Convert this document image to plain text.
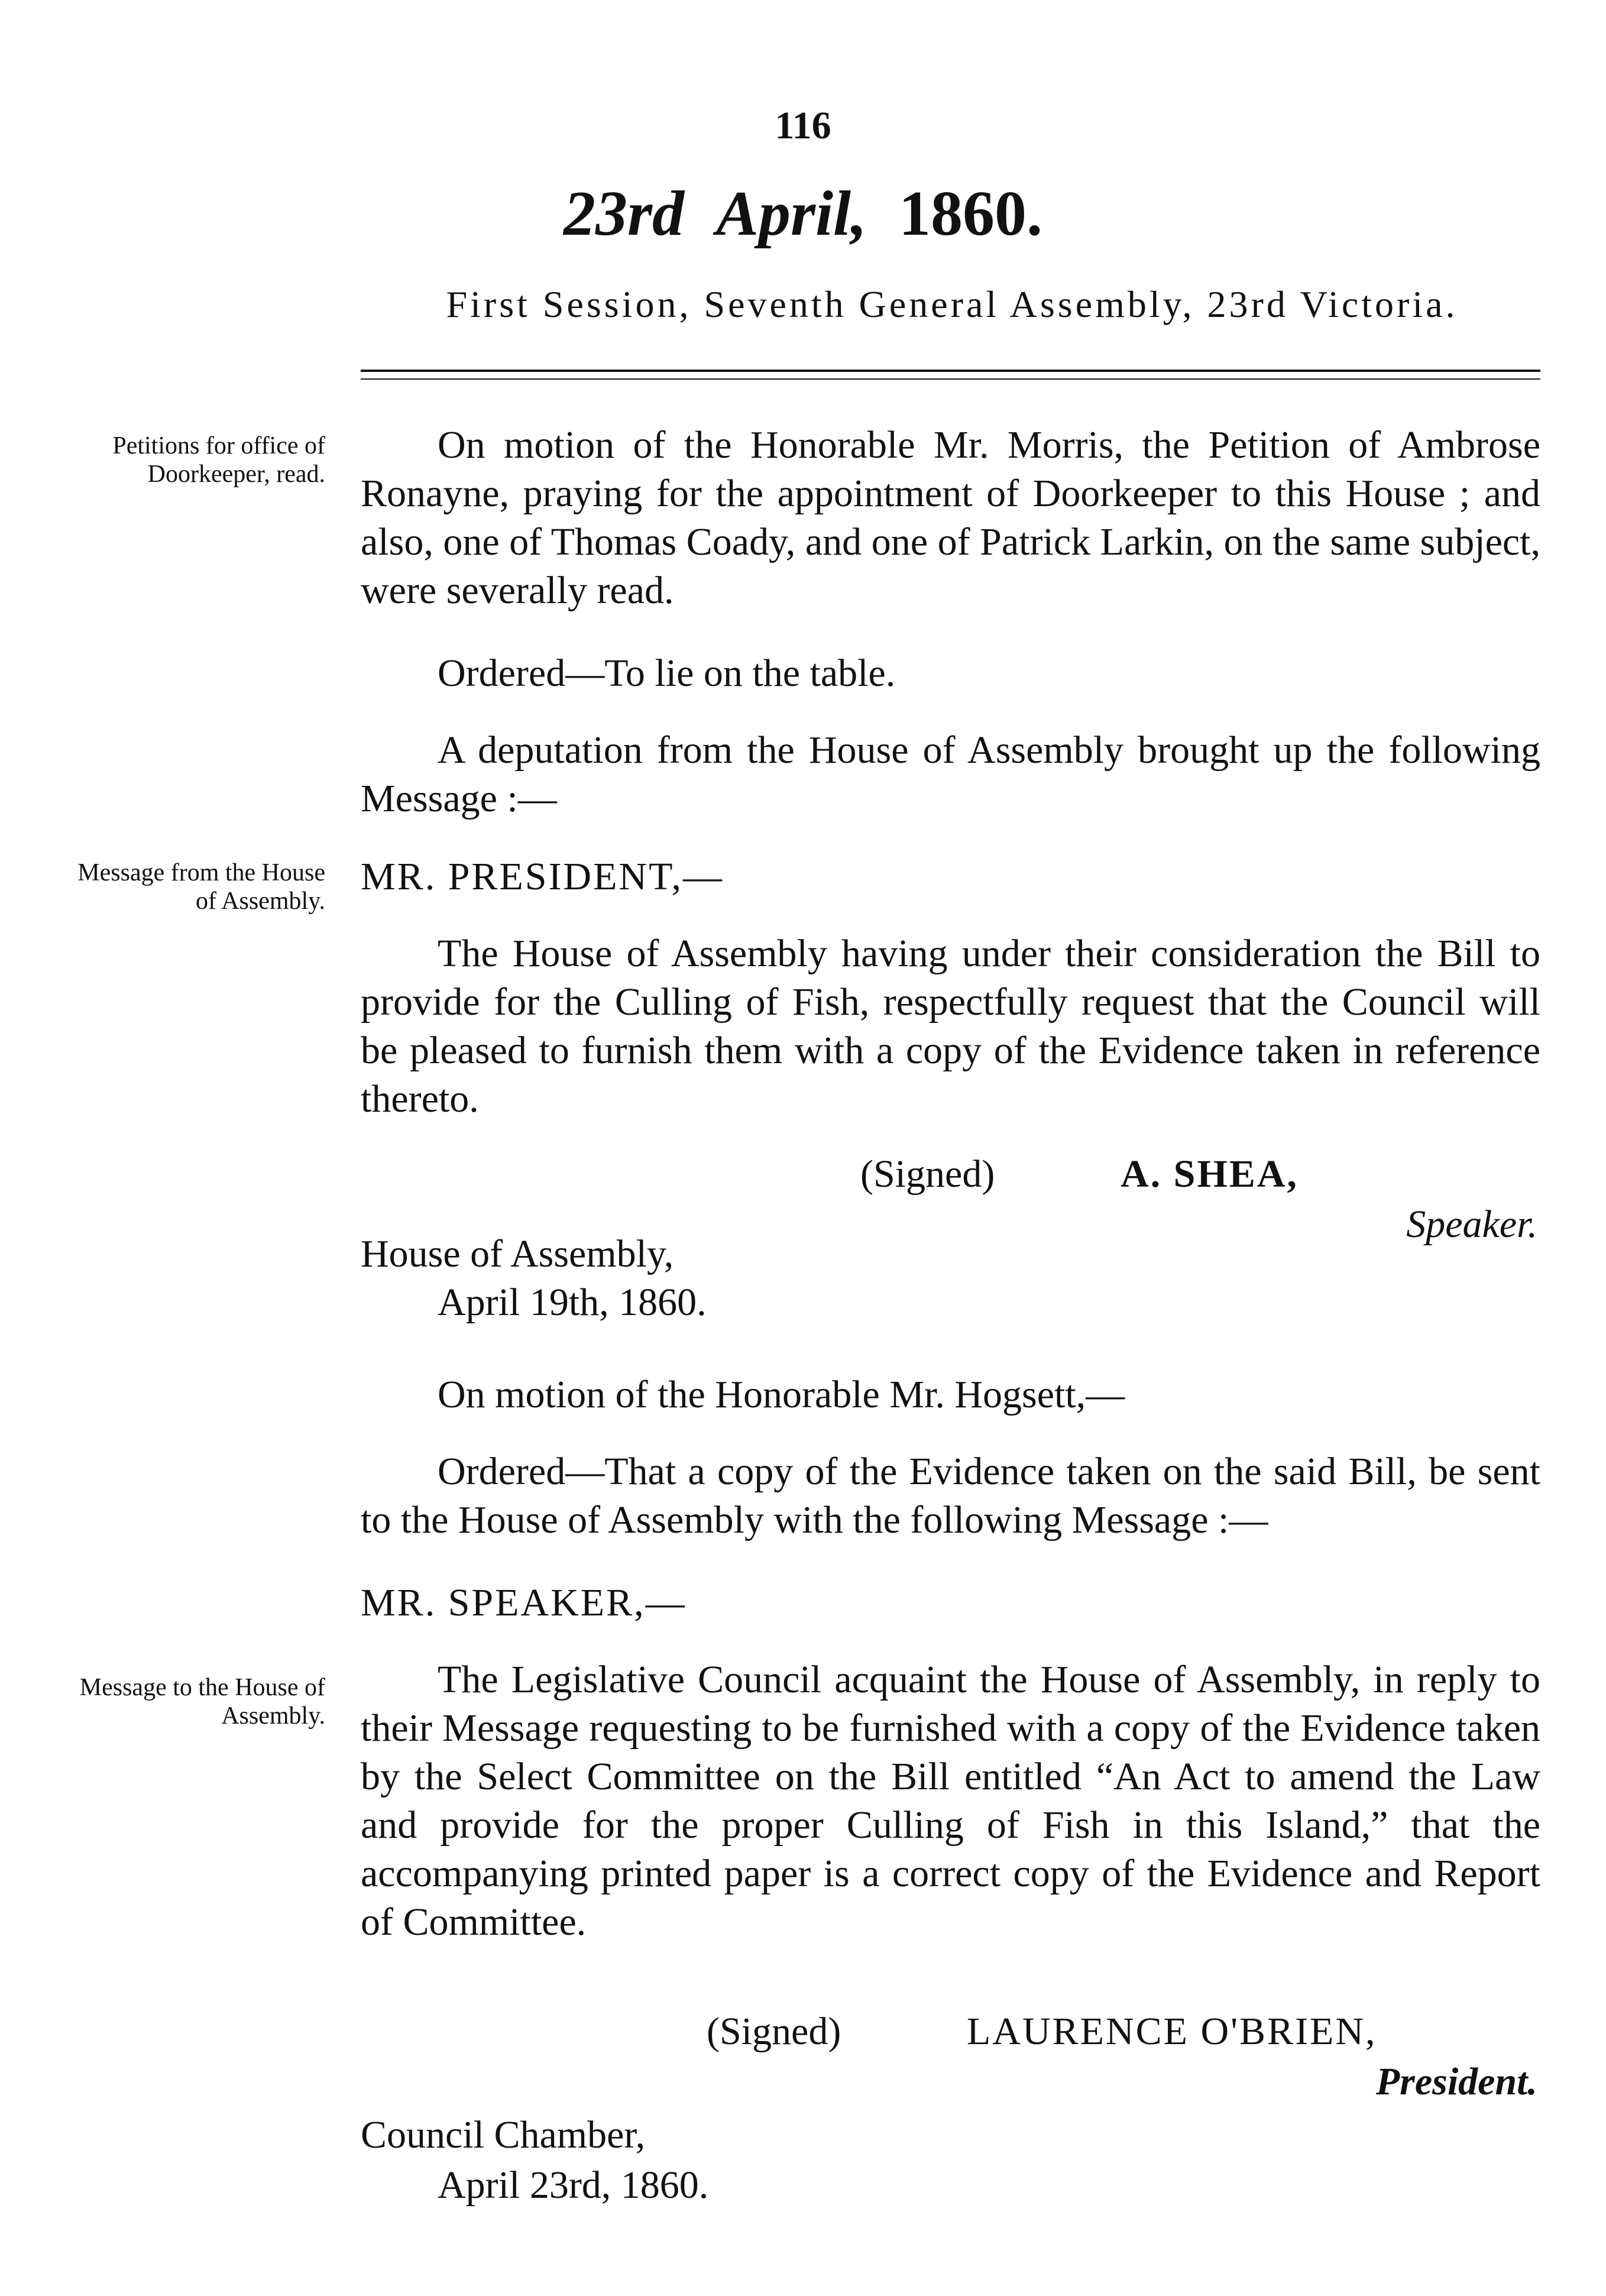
116
23rd April, 1860.
First Session, Seventh General Assembly, 23rd Victoria.
Petitions for office of Doorkeeper, read.
On motion of the Honorable Mr. Morris, the Petition of Ambrose Ronayne, praying for the appointment of Doorkeeper to this House ; and also, one of Thomas Coady, and one of Patrick Larkin, on the same subject, were severally read.
Ordered—To lie on the table.
A deputation from the House of Assembly brought up the following Message :—
Message from the House of Assembly.
MR. PRESIDENT,—
The House of Assembly having under their consideration the Bill to provide for the Culling of Fish, respectfully request that the Council will be pleased to furnish them with a copy of the Evidence taken in reference thereto.
(Signed)	A. SHEA,
Speaker.
House of Assembly,
April 19th, 1860.
On motion of the Honorable Mr. Hogsett,—
Ordered—That a copy of the Evidence taken on the said Bill, be sent to the House of Assembly with the following Message :—
MR. SPEAKER,—
Message to the House of Assembly.
The Legislative Council acquaint the House of Assembly, in reply to their Message requesting to be furnished with a copy of the Evidence taken by the Select Committee on the Bill entitled “An Act to amend the Law and provide for the proper Culling of Fish in this Island,” that the accompanying printed paper is a correct copy of the Evidence and Report of Committee.
(Signed)	LAURENCE O'BRIEN,
President.
Council Chamber,
April 23rd, 1860.
